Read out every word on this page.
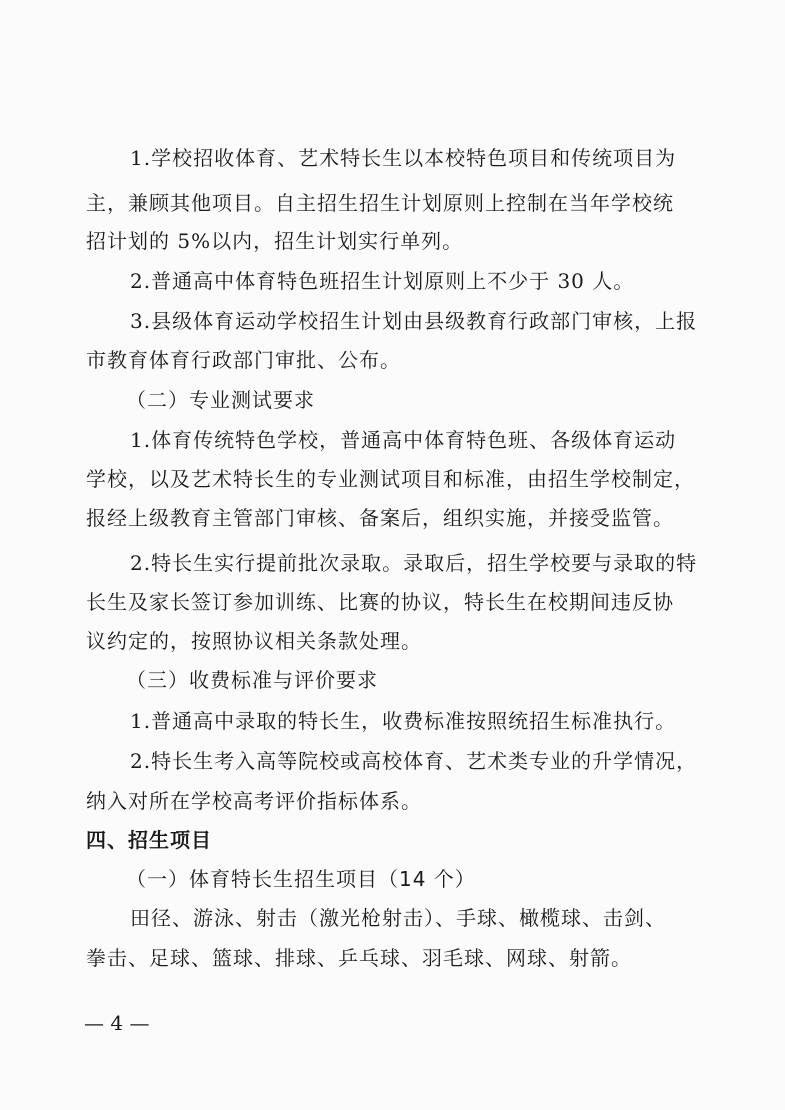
1.学校招收体育、艺术特长生以本校特色项目和传统项目为
主，兼顾其他项目。自主招生招生计划原则上控制在当年学校统
招计划的 5%以内，招生计划实行单列。
2.普通高中体育特色班招生计划原则上不少于 30 人。
3.县级体育运动学校招生计划由县级教育行政部门审核，上报
市教育体育行政部门审批、公布。
（二）专业测试要求
1.体育传统特色学校，普通高中体育特色班、各级体育运动
学校，以及艺术特长生的专业测试项目和标准，由招生学校制定，
报经上级教育主管部门审核、备案后，组织实施，并接受监管。
2.特长生实行提前批次录取。录取后，招生学校要与录取的特
长生及家长签订参加训练、比赛的协议，特长生在校期间违反协
议约定的，按照协议相关条款处理。
（三）收费标准与评价要求
1.普通高中录取的特长生，收费标准按照统招生标准执行。
2.特长生考入高等院校或高校体育、艺术类专业的升学情况，
纳入对所在学校高考评价指标体系。
四、招生项目
（一）体育特长生招生项目（14 个）
田径、游泳、射击（激光枪射击）、手球、橄榄球、击剑、
拳击、足球、篮球、排球、乒乓球、羽毛球、网球、射箭。
— 4 —
